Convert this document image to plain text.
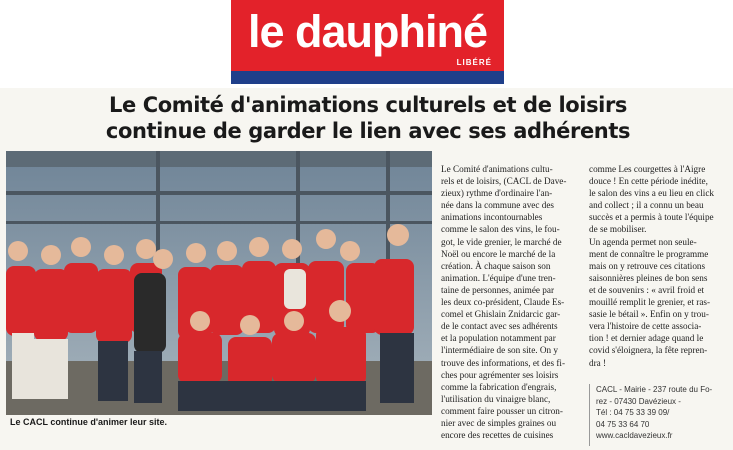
le dauphiné
LIBÉRÉ
Le Comité d'animations culturels et de loisirs
continue de garder le lien avec ses adhérents
Le CACL continue d'animer leur site.
Le Comité d'animations cultu-
rels et de loisirs, (CACL de Dave-
zieux) rythme d'ordinaire l'an-
née dans la commune avec des
animations incontournables
comme le salon des vins, le fou-
got, le vide grenier, le marché de
Noël ou encore le marché de la
création. À chaque saison son
animation. L'équipe d'une tren-
taine de personnes, animée par
les deux co-président, Claude Es-
comel et Ghislain Znidarcic gar-
de le contact avec ses adhérents
et la population notamment par
l'intermédiaire de son site. On y
trouve des informations, et des fi-
ches pour agrémenter ses loisirs
comme la fabrication d'engrais,
l'utilisation du vinaigre blanc,
comment faire pousser un citron-
nier avec de simples graines ou
encore des recettes de cuisines
comme Les courgettes à l'Aigre
douce ! En cette période inédite,
le salon des vins a eu lieu en click
and collect ; il a connu un beau
succès et a permis à toute l'équipe
de se mobiliser.
Un agenda permet non seule-
ment de connaître le programme
mais on y retrouve ces citations
saisonnières pleines de bon sens
et de souvenirs : « avril froid et
mouillé remplit le grenier, et ras-
sasie le bétail ». Enfin on y trou-
vera l'histoire de cette associa-
tion ! et dernier adage quand le
covid s'éloignera, la fête repren-
dra !
CACL - Mairie - 237 route du Fo-
rez - 07430 Davézieux -
Tél : 04 75 33 39 09/
04 75 33 64 70
www.cacldavezieux.fr
